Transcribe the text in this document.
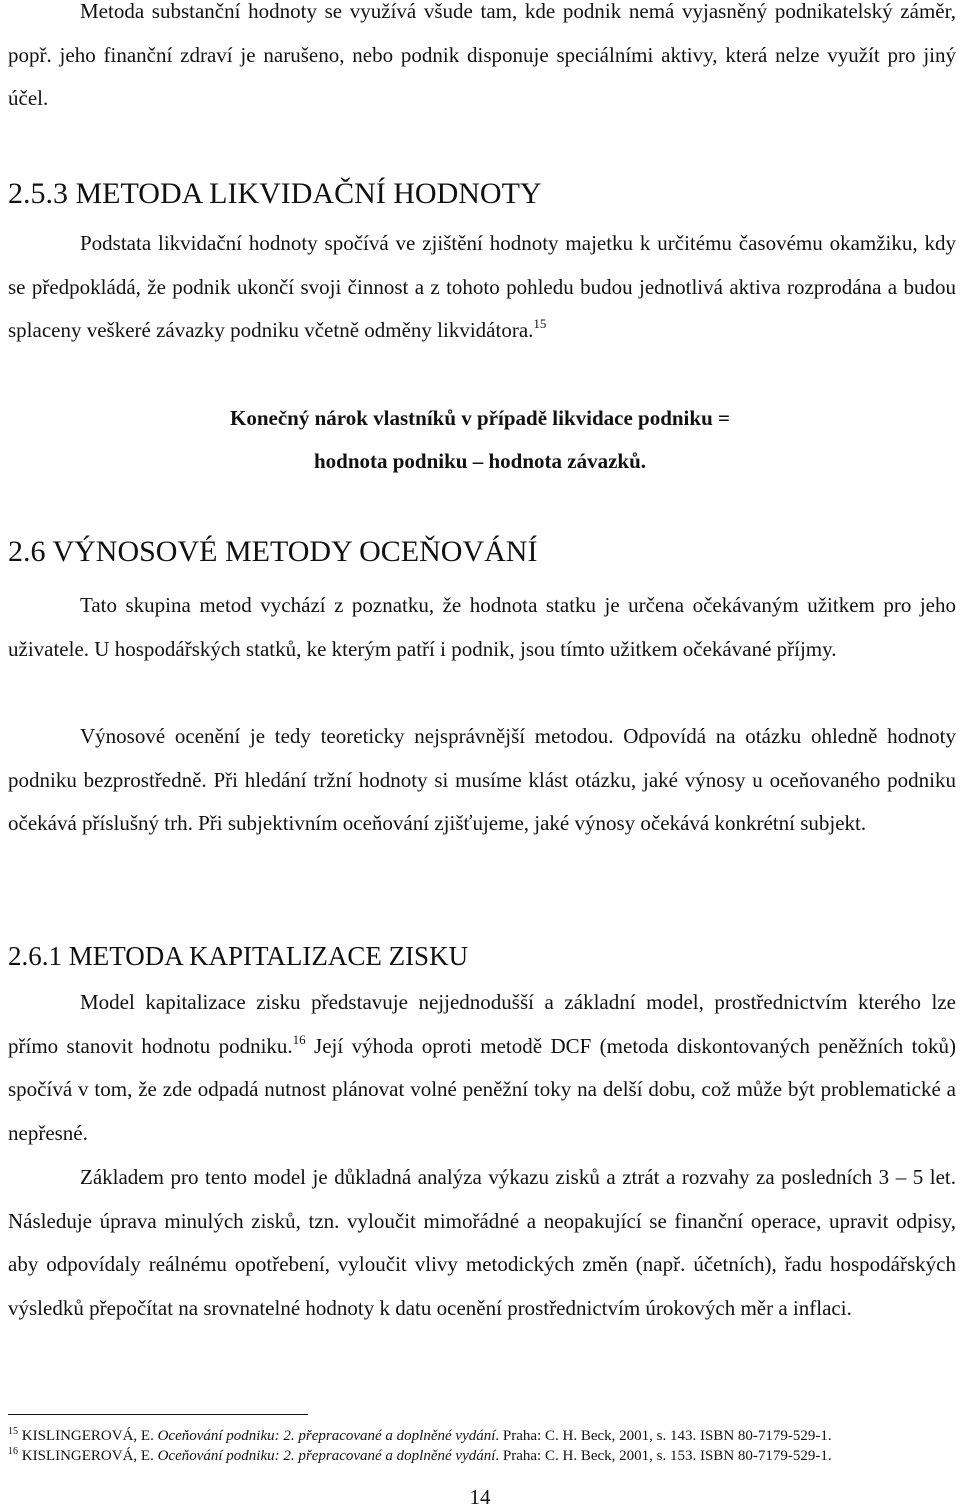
Metoda substanční hodnoty se využívá všude tam, kde podnik nemá vyjasněný podnikatelský záměr, popř. jeho finanční zdraví je narušeno, nebo podnik disponuje speciálními aktivy, která nelze využít pro jiný účel.

2.5.3 METODA LIKVIDAČNÍ HODNOTY

Podstata likvidační hodnoty spočívá ve zjištění hodnoty majetku k určitému časovému okamžiku, kdy se předpokládá, že podnik ukončí svoji činnost a z tohoto pohledu budou jednotlivá aktiva rozprodána a budou splaceny veškeré závazky podniku včetně odměny likvidátora.$^{15}$

Konečný nárok vlastníků v případě likvidace podniku =

hodnota podniku – hodnota závazků.

2.6 VÝNOSOVÉ METODY OCEŇOVÁNÍ

Tato skupina metod vychází z poznatku, že hodnota statku je určena očekávaným užitkem pro jeho uživatele. U hospodářských statků, ke kterým patří i podnik, jsou tímto užitkem očekávané příjmy.

Výnosové ocenění je tedy teoreticky nejsprávnější metodou. Odpovídá na otázku ohledně hodnoty podniku bezprostředně. Při hledání tržní hodnoty si musíme klást otázku, jaké výnosy u oceňovaného podniku očekává příslušný trh. Při subjektivním oceňování zjišťujeme, jaké výnosy očekává konkrétní subjekt.

2.6.1 METODA KAPITALIZACE ZISKU

Model kapitalizace zisku představuje nejjednodušší a základní model, prostřednictvím kterého lze přímo stanovit hodnotu podniku.$^{16}$ Její výhoda oproti metodě DCF (metoda diskontovaných peněžních toků) spočívá v tom, že zde odpadá nutnost plánovat volné peněžní toky na delší dobu, což může být problematické a nepřesné.

Základem pro tento model je důkladná analýza výkazu zisků a ztrát a rozvahy za posledních 3 – 5 let. Následuje úprava minulých zisků, tzn. vyloučit mimořádné a neopakující se finanční operace, upravit odpisy, aby odpovídaly reálnému opotřebení, vyloučit vlivy metodických změn (např. účetních), řadu hospodářských výsledků přepočítat na srovnatelné hodnoty k datu ocenění prostřednictvím úrokových měr a inflaci.

$^{15}$ KISLINGEROVÁ, E. Oceňování podniku: 2. přepracované a doplněné vydání. Praha: C. H. Beck, 2001, s. 143. ISBN 80-7179-529-1.

$^{16}$ KISLINGEROVÁ, E. Oceňování podniku: 2. přepracované a doplněné vydání. Praha: C. H. Beck, 2001, s. 153. ISBN 80-7179-529-1.

14
